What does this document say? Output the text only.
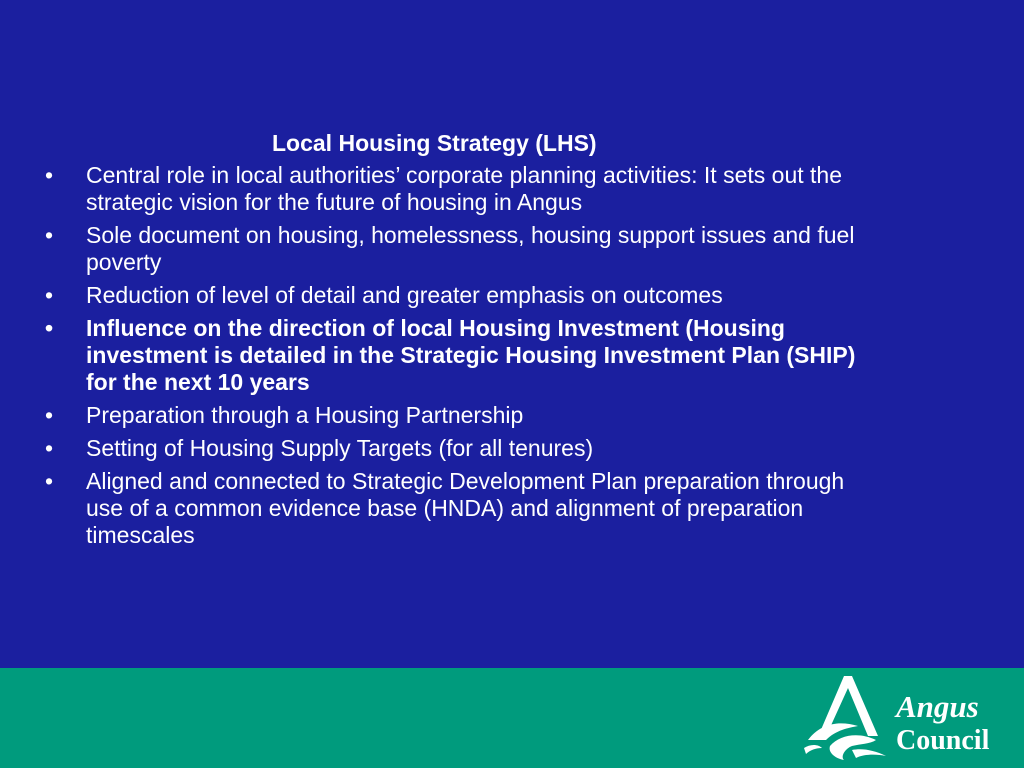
Local Housing Strategy (LHS)
• Central role in local authorities’ corporate planning activities: It sets out the strategic vision for the future of housing in Angus
• Sole document on housing, homelessness, housing support issues and fuel poverty
• Reduction of level of detail and greater emphasis on outcomes
• Influence on the direction of local Housing Investment (Housing investment is detailed in the Strategic Housing Investment Plan (SHIP) for the next 10 years
• Preparation through a Housing Partnership
• Setting of Housing Supply Targets (for all tenures)
• Aligned and connected to Strategic Development Plan preparation through use of a common evidence base (HNDA) and alignment of preparation timescales
Angus
Council
